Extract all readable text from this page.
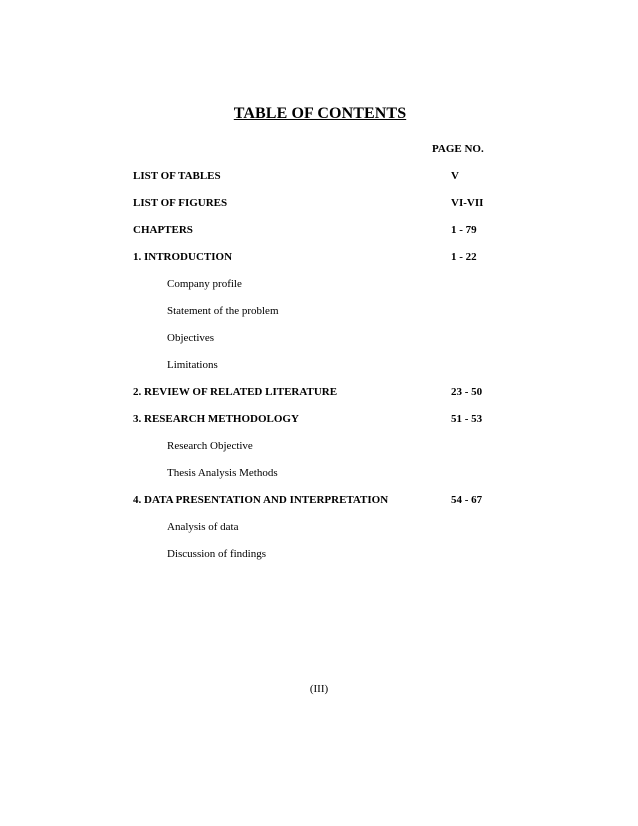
TABLE OF CONTENTS
PAGE NO.
LIST OF TABLES	V
LIST OF FIGURES	VI-VII
CHAPTERS	1 - 79
1. INTRODUCTION	1 - 22
Company profile
Statement of the problem
Objectives
Limitations
2. REVIEW OF RELATED LITERATURE	23 - 50
3. RESEARCH METHODOLOGY	51 - 53
Research Objective
Thesis Analysis Methods
4. DATA PRESENTATION AND INTERPRETATION	54 - 67
Analysis of data
Discussion of findings
(III)
